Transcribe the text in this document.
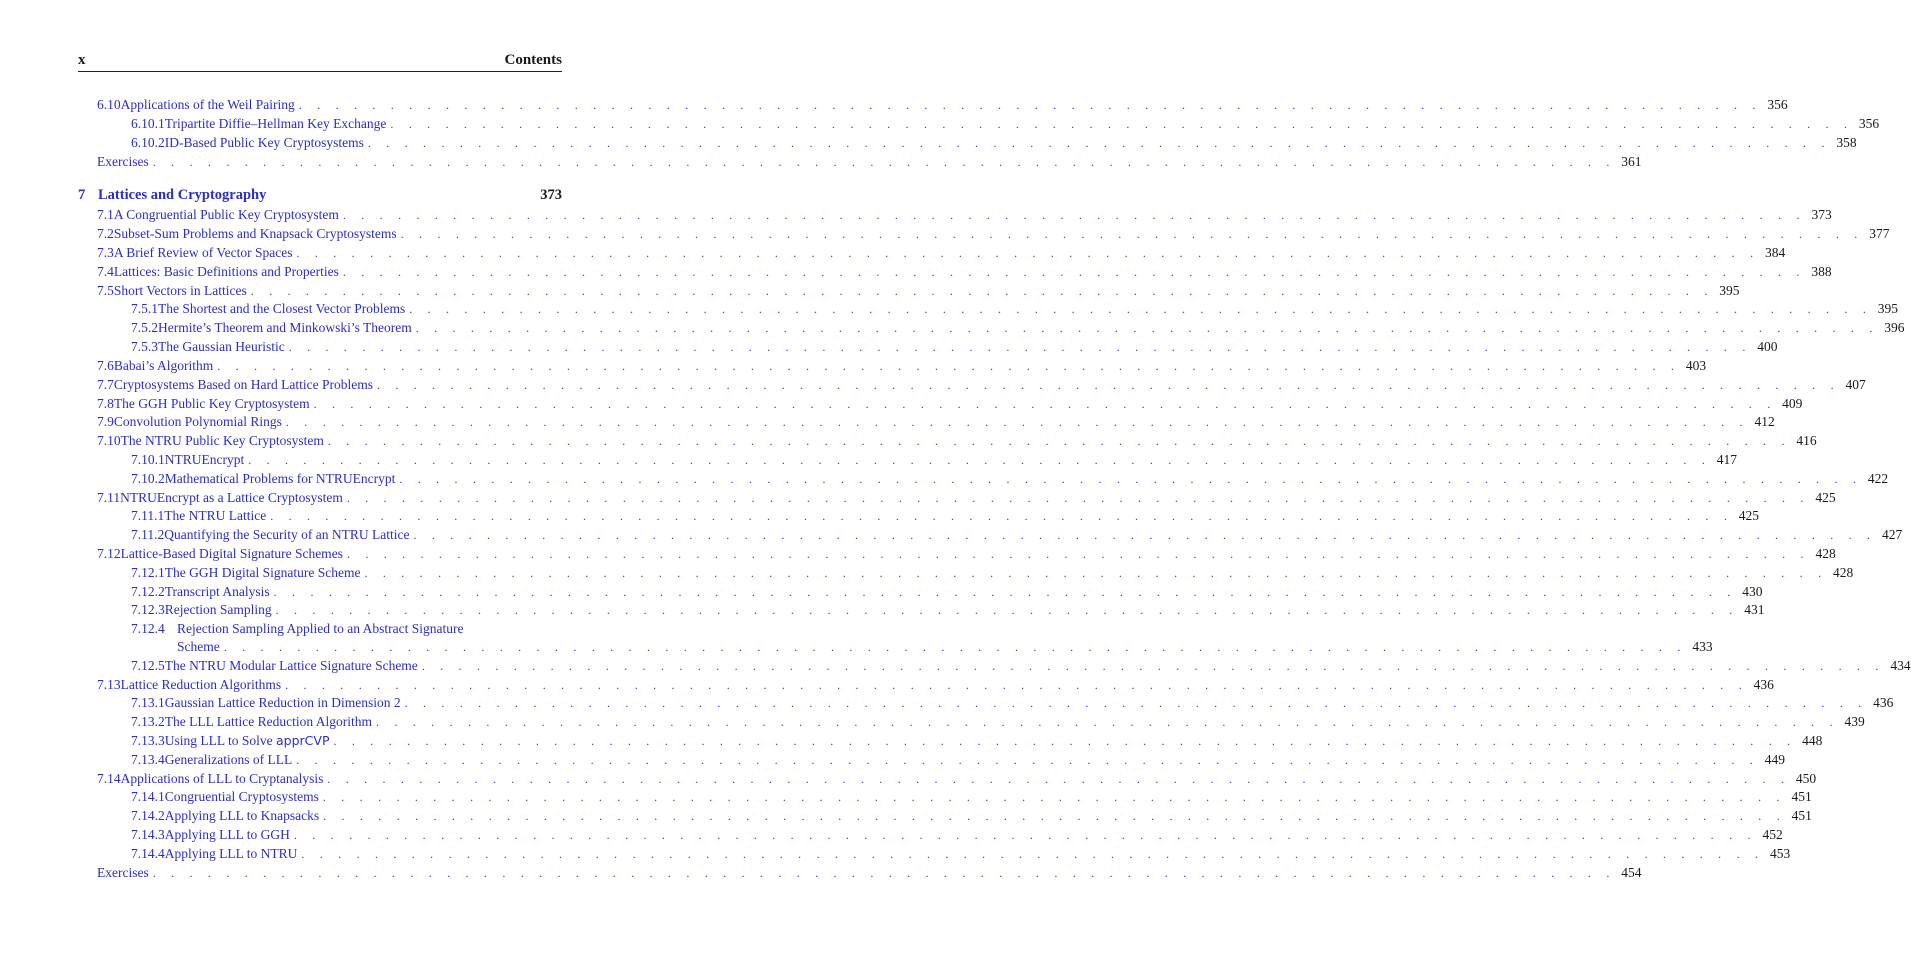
x	Contents
6.10 Applications of the Weil Pairing . . . . . . . . . . . . . . . . . . . . . . . . . . . . . . . . . . . . . . . . . . . . . . . . . . . . . . . . . . . . . . . . . . . . . . . . . . . . . . . . 356
6.10.1 Tripartite Diffie–Hellman Key Exchange . . . . . . . . . . . . . . . . . . . . . . . . . . . . . . . . . . . . . . . . . . . . . . . . . . . . . . . . . . . . . . . . . . . . . . . . . . . . . . . . 356
6.10.2 ID-Based Public Key Cryptosystems . . . . . . . . . . . . . . . . . . . . . . . . . . . . . . . . . . . . . . . . . . . . . . . . . . . . . . . . . . . . . . . . . . . . . . . . . . . . . . . . 358
Exercises . . . . . . . . . . . . . . . . . . . . . . . . . . . . . . . . . . . . . . . . . . . . . . . . . . . . . . . . . . . . . . . . . . . . . . . . . . . . . . . . 361
7 Lattices and Cryptography	373
7.1 A Congruential Public Key Cryptosystem . . . . . . . . . . . . . . . . . . . . . . . . . . . . . . . . . . . . . . . . . . . . . . . . . . . . . . . . . . . . . . . . . . . . . . . . . . . . . . . . 373
7.2 Subset-Sum Problems and Knapsack Cryptosystems . . . . . . . . . . . . . . . . . . . . . . . . . . . . . . . . . . . . . . . . . . . . . . . . . . . . . . . . . . . . . . . . . . . . . . . . . . . . . . . . 377
7.3 A Brief Review of Vector Spaces . . . . . . . . . . . . . . . . . . . . . . . . . . . . . . . . . . . . . . . . . . . . . . . . . . . . . . . . . . . . . . . . . . . . . . . . . . . . . . . . 384
7.4 Lattices: Basic Definitions and Properties . . . . . . . . . . . . . . . . . . . . . . . . . . . . . . . . . . . . . . . . . . . . . . . . . . . . . . . . . . . . . . . . . . . . . . . . . . . . . . . . 388
7.5 Short Vectors in Lattices . . . . . . . . . . . . . . . . . . . . . . . . . . . . . . . . . . . . . . . . . . . . . . . . . . . . . . . . . . . . . . . . . . . . . . . . . . . . . . . . 395
7.5.1 The Shortest and the Closest Vector Problems . . . . . . . . . . . . . . . . . . . . . . . . . . . . . . . . . . . . . . . . . . . . . . . . . . . . . . . . . . . . . . . . . . . . . . . . . . . . . . . . 395
7.5.2 Hermite’s Theorem and Minkowski’s Theorem . . . . . . . . . . . . . . . . . . . . . . . . . . . . . . . . . . . . . . . . . . . . . . . . . . . . . . . . . . . . . . . . . . . . . . . . . . . . . . . . 396
7.5.3 The Gaussian Heuristic . . . . . . . . . . . . . . . . . . . . . . . . . . . . . . . . . . . . . . . . . . . . . . . . . . . . . . . . . . . . . . . . . . . . . . . . . . . . . . . . 400
7.6 Babai’s Algorithm . . . . . . . . . . . . . . . . . . . . . . . . . . . . . . . . . . . . . . . . . . . . . . . . . . . . . . . . . . . . . . . . . . . . . . . . . . . . . . . . 403
7.7 Cryptosystems Based on Hard Lattice Problems . . . . . . . . . . . . . . . . . . . . . . . . . . . . . . . . . . . . . . . . . . . . . . . . . . . . . . . . . . . . . . . . . . . . . . . . . . . . . . . . 407
7.8 The GGH Public Key Cryptosystem . . . . . . . . . . . . . . . . . . . . . . . . . . . . . . . . . . . . . . . . . . . . . . . . . . . . . . . . . . . . . . . . . . . . . . . . . . . . . . . . 409
7.9 Convolution Polynomial Rings . . . . . . . . . . . . . . . . . . . . . . . . . . . . . . . . . . . . . . . . . . . . . . . . . . . . . . . . . . . . . . . . . . . . . . . . . . . . . . . . 412
7.10 The NTRU Public Key Cryptosystem . . . . . . . . . . . . . . . . . . . . . . . . . . . . . . . . . . . . . . . . . . . . . . . . . . . . . . . . . . . . . . . . . . . . . . . . . . . . . . . . 416
7.10.1 NTRUEncrypt . . . . . . . . . . . . . . . . . . . . . . . . . . . . . . . . . . . . . . . . . . . . . . . . . . . . . . . . . . . . . . . . . . . . . . . . . . . . . . . . 417
7.10.2 Mathematical Problems for NTRUEncrypt . . . . . . . . . . . . . . . . . . . . . . . . . . . . . . . . . . . . . . . . . . . . . . . . . . . . . . . . . . . . . . . . . . . . . . . . . . . . . . . . 422
7.11 NTRUEncrypt as a Lattice Cryptosystem . . . . . . . . . . . . . . . . . . . . . . . . . . . . . . . . . . . . . . . . . . . . . . . . . . . . . . . . . . . . . . . . . . . . . . . . . . . . . . . . 425
7.11.1 The NTRU Lattice . . . . . . . . . . . . . . . . . . . . . . . . . . . . . . . . . . . . . . . . . . . . . . . . . . . . . . . . . . . . . . . . . . . . . . . . . . . . . . . . 425
7.11.2 Quantifying the Security of an NTRU Lattice . . . . . . . . . . . . . . . . . . . . . . . . . . . . . . . . . . . . . . . . . . . . . . . . . . . . . . . . . . . . . . . . . . . . . . . . . . . . . . . . 427
7.12 Lattice-Based Digital Signature Schemes . . . . . . . . . . . . . . . . . . . . . . . . . . . . . . . . . . . . . . . . . . . . . . . . . . . . . . . . . . . . . . . . . . . . . . . . . . . . . . . . 428
7.12.1 The GGH Digital Signature Scheme . . . . . . . . . . . . . . . . . . . . . . . . . . . . . . . . . . . . . . . . . . . . . . . . . . . . . . . . . . . . . . . . . . . . . . . . . . . . . . . . 428
7.12.2 Transcript Analysis . . . . . . . . . . . . . . . . . . . . . . . . . . . . . . . . . . . . . . . . . . . . . . . . . . . . . . . . . . . . . . . . . . . . . . . . . . . . . . . . 430
7.12.3 Rejection Sampling . . . . . . . . . . . . . . . . . . . . . . . . . . . . . . . . . . . . . . . . . . . . . . . . . . . . . . . . . . . . . . . . . . . . . . . . . . . . . . . . 431
7.12.4 Rejection Sampling Applied to an Abstract Signature
Scheme . . . . . . . . . . . . . . . . . . . . . . . . . . . . . . . . . . . . . . . . . . . . . . . . . . . . . . . . . . . . . . . . . . . . . . . . . . . . . . . . 433
7.12.5 The NTRU Modular Lattice Signature Scheme . . . . . . . . . . . . . . . . . . . . . . . . . . . . . . . . . . . . . . . . . . . . . . . . . . . . . . . . . . . . . . . . . . . . . . . . . . . . . . . . 434
7.13 Lattice Reduction Algorithms . . . . . . . . . . . . . . . . . . . . . . . . . . . . . . . . . . . . . . . . . . . . . . . . . . . . . . . . . . . . . . . . . . . . . . . . . . . . . . . . 436
7.13.1 Gaussian Lattice Reduction in Dimension 2 . . . . . . . . . . . . . . . . . . . . . . . . . . . . . . . . . . . . . . . . . . . . . . . . . . . . . . . . . . . . . . . . . . . . . . . . . . . . . . . . 436
7.13.2 The LLL Lattice Reduction Algorithm . . . . . . . . . . . . . . . . . . . . . . . . . . . . . . . . . . . . . . . . . . . . . . . . . . . . . . . . . . . . . . . . . . . . . . . . . . . . . . . . 439
7.13.3 Using LLL to Solve
apprCVP . . . . . . . . . . . . . . . . . . . . . . . . . . . . . . . . . . . . . . . . . . . . . . . . . . . . . . . . . . . . . . . . . . . . . . . . . . . . . . . . 448
7.13.4 Generalizations of LLL . . . . . . . . . . . . . . . . . . . . . . . . . . . . . . . . . . . . . . . . . . . . . . . . . . . . . . . . . . . . . . . . . . . . . . . . . . . . . . . . 449
7.14 Applications of LLL to Cryptanalysis . . . . . . . . . . . . . . . . . . . . . . . . . . . . . . . . . . . . . . . . . . . . . . . . . . . . . . . . . . . . . . . . . . . . . . . . . . . . . . . . 450
7.14.1 Congruential Cryptosystems . . . . . . . . . . . . . . . . . . . . . . . . . . . . . . . . . . . . . . . . . . . . . . . . . . . . . . . . . . . . . . . . . . . . . . . . . . . . . . . . 451
7.14.2 Applying LLL to Knapsacks . . . . . . . . . . . . . . . . . . . . . . . . . . . . . . . . . . . . . . . . . . . . . . . . . . . . . . . . . . . . . . . . . . . . . . . . . . . . . . . . 451
7.14.3 Applying LLL to GGH . . . . . . . . . . . . . . . . . . . . . . . . . . . . . . . . . . . . . . . . . . . . . . . . . . . . . . . . . . . . . . . . . . . . . . . . . . . . . . . . 452
7.14.4 Applying LLL to NTRU . . . . . . . . . . . . . . . . . . . . . . . . . . . . . . . . . . . . . . . . . . . . . . . . . . . . . . . . . . . . . . . . . . . . . . . . . . . . . . . . 453
Exercises . . . . . . . . . . . . . . . . . . . . . . . . . . . . . . . . . . . . . . . . . . . . . . . . . . . . . . . . . . . . . . . . . . . . . . . . . . . . . . . . 454
